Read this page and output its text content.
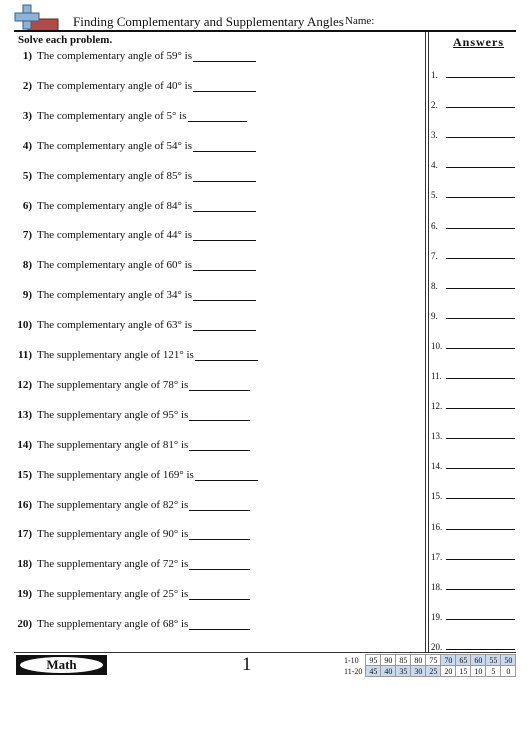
Finding Complementary and Supplementary Angles Name:
Solve each problem.
1) The complementary angle of 59° is
2) The complementary angle of 40° is
3) The complementary angle of 5° is
4) The complementary angle of 54° is
5) The complementary angle of 85° is
6) The complementary angle of 84° is
7) The complementary angle of 44° is
8) The complementary angle of 60° is
9) The complementary angle of 34° is
10) The complementary angle of 63° is
11) The supplementary angle of 121° is
12) The supplementary angle of 78° is
13) The supplementary angle of 95° is
14) The supplementary angle of 81° is
15) The supplementary angle of 169° is
16) The supplementary angle of 82° is
17) The supplementary angle of 90° is
18) The supplementary angle of 72° is
19) The supplementary angle of 25° is
20) The supplementary angle of 68° is
Answers
1.
2.
3.
4.
5.
6.
7.
8.
9.
10.
11.
12.
13.
14.
15.
16.
17.
18.
19.
20.
Math	1	1-10	95	90	85	80	75	70	65	60	55	50
11-20	45	40	35	30	25	20	15	10	5	0
